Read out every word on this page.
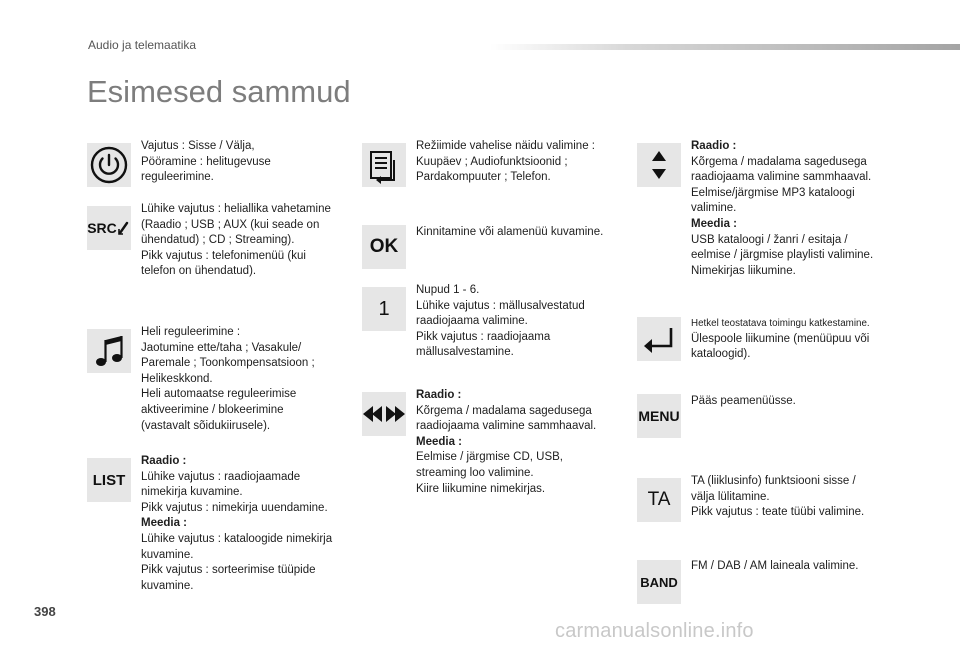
Audio ja telemaatika
Esimesed sammud
Vajutus : Sisse / Välja,
Pööramine : helitugevuse
reguleerimine.
SRC
Lühike vajutus : heliallika vahetamine
(Raadio ; USB ; AUX (kui seade on
ühendatud) ; CD ; Streaming).
Pikk vajutus : telefonimenüü (kui
telefon on ühendatud).
Heli reguleerimine :
Jaotumine ette/taha ; Vasakule/
Paremale ; Toonkompensatsioon ;
Helikeskkond.
Heli automaatse reguleerimise
aktiveerimine / blokeerimine
(vastavalt sõidukiirusele).
LIST
Raadio :
Lühike vajutus : raadiojaamade
nimekirja kuvamine.
Pikk vajutus : nimekirja uuendamine.
Meedia :
Lühike vajutus : kataloogide nimekirja
kuvamine.
Pikk vajutus : sorteerimise tüüpide
kuvamine.
Režiimide vahelise näidu valimine :
Kuupäev ; Audiofunktsioonid ;
Pardakompuuter ; Telefon.
OK
Kinnitamine või alamenüü kuvamine.
1
Nupud 1 - 6.
Lühike vajutus : mällusalvestatud
raadiojaama valimine.
Pikk vajutus : raadiojaama
mällusalvestamine.
Raadio :
Kõrgema / madalama sagedusega
raadiojaama valimine sammhaaval.
Meedia :
Eelmise / järgmise CD, USB,
streaming loo valimine.
Kiire liikumine nimekirjas.
Raadio :
Kõrgema / madalama sagedusega
raadiojaama valimine sammhaaval.
Eelmise/järgmise MP3 kataloogi
valimine.
Meedia :
USB kataloogi / žanri / esitaja /
eelmise / järgmise playlisti valimine.
Nimekirjas liikumine.
Hetkel teostatava toimingu katkestamine.
Ülespoole liikumine (menüüpuu või
kataloogid).
MENU
Pääs peamenüüsse.
TA
TA (liiklusinfo) funktsiooni sisse /
välja lülitamine.
Pikk vajutus : teate tüübi valimine.
BAND
FM / DAB / AM laineala valimine.
398
carmanualsonline.info
